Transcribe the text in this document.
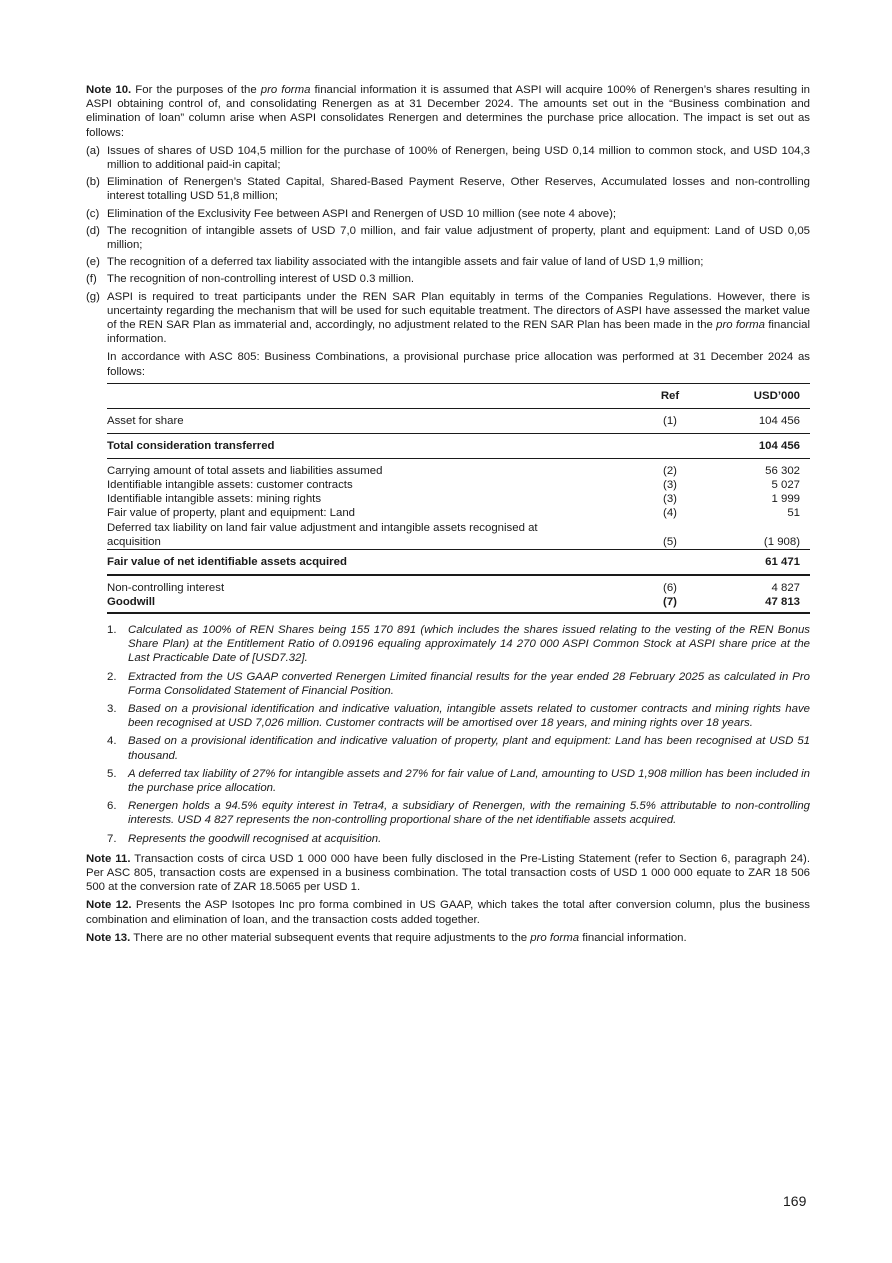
Note 10. For the purposes of the pro forma financial information it is assumed that ASPI will acquire 100% of Renergen’s shares resulting in ASPI obtaining control of, and consolidating Renergen as at 31 December 2024. The amounts set out in the “Business combination and elimination of loan” column arise when ASPI consolidates Renergen and determines the purchase price allocation. The impact is set out as follows:

(a) Issues of shares of USD 104,5 million for the purchase of 100% of Renergen, being USD 0,14 million to common stock, and USD 104,3 million to additional paid-in capital;
(b) Elimination of Renergen’s Stated Capital, Shared-Based Payment Reserve, Other Reserves, Accumulated losses and non-controlling interest totalling USD 51,8 million;
(c) Elimination of the Exclusivity Fee between ASPI and Renergen of USD 10 million (see note 4 above);
(d) The recognition of intangible assets of USD 7,0 million, and fair value adjustment of property, plant and equipment: Land of USD 0,05 million;
(e) The recognition of a deferred tax liability associated with the intangible assets and fair value of land of USD 1,9 million;
(f) The recognition of non-controlling interest of USD 0.3 million.
(g) ASPI is required to treat participants under the REN SAR Plan equitably in terms of the Companies Regulations. However, there is uncertainty regarding the mechanism that will be used for such equitable treatment. The directors of ASPI have assessed the market value of the REN SAR Plan as immaterial and, accordingly, no adjustment related to the REN SAR Plan has been made in the pro forma financial information.

In accordance with ASC 805: Business Combinations, a provisional purchase price allocation was performed at 31 December 2024 as follows:

	Ref	USD’000
Asset for share	(1)	104 456
Total consideration transferred		104 456
Carrying amount of total assets and liabilities assumed	(2)	56 302
Identifiable intangible assets: customer contracts	(3)	5 027
Identifiable intangible assets: mining rights	(3)	1 999
Fair value of property, plant and equipment: Land	(4)	51

Deferred tax liability on land fair value adjustment and intangible assets recognised at
acquisition	(5)	(1 908)
Fair value of net identifiable assets acquired		61 471
Non-controlling interest	(6)	4 827
Goodwill	(7)	47 813
1.	Calculated as 100% of REN Shares being 155 170 891 (which includes the shares issued relating to the vesting of the REN Bonus Share Plan) at the Entitlement Ratio of 0.09196 equaling approximately 14 270 000 ASPI Common Stock at ASPI share price at the Last Practicable Date of [USD7.32].
2.	Extracted from the US GAAP converted Renergen Limited financial results for the year ended 28 February 2025 as calculated in Pro Forma Consolidated Statement of Financial Position.
3.	Based on a provisional identification and indicative valuation, intangible assets related to customer contracts and mining rights have been recognised at USD 7,026 million. Customer contracts will be amortised over 18 years, and mining rights over 18 years.
4.	Based on a provisional identification and indicative valuation of property, plant and equipment: Land has been recognised at USD 51 thousand.
5.	A deferred tax liability of 27% for intangible assets and 27% for fair value of Land, amounting to USD 1,908 million has been included in the purchase price allocation.
6.	Renergen holds a 94.5% equity interest in Tetra4, a subsidiary of Renergen, with the remaining 5.5% attributable to non-controlling interests. USD 4 827 represents the non-controlling proportional share of the net identifiable assets acquired.
7.	Represents the goodwill recognised at acquisition.

Note 11. Transaction costs of circa USD 1 000 000 have been fully disclosed in the Pre-Listing Statement (refer to Section 6, paragraph 24). Per ASC 805, transaction costs are expensed in a business combination. The total transaction costs of USD 1 000 000 equate to ZAR 18 506 500 at the conversion rate of ZAR 18.5065 per USD 1.

Note 12. Presents the ASP Isotopes Inc pro forma combined in US GAAP, which takes the total after conversion column, plus the business combination and elimination of loan, and the transaction costs added together.

Note 13. There are no other material subsequent events that require adjustments to the pro forma financial information.

169
